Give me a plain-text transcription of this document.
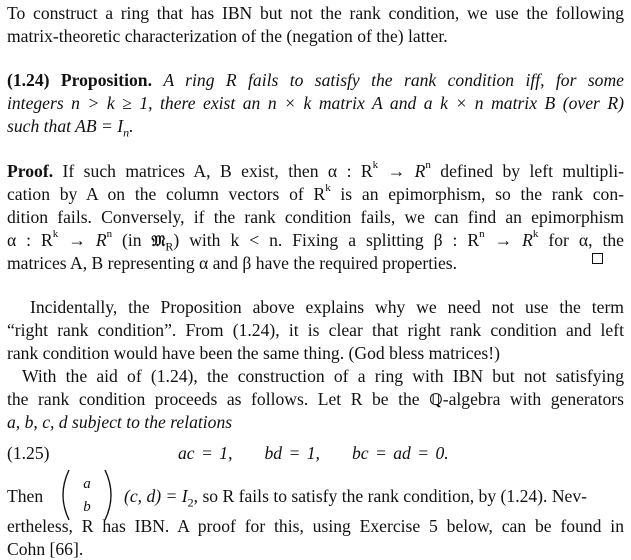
To construct a ring that has IBN but not the rank condition, we use the following
matrix-theoretic characterization of the (negation of the) latter.
(1.24) Proposition. A ring R fails to satisfy the rank condition iff, for some
integers n > k ≥ 1, there exist an n × k matrix A and a k × n matrix B (over R)
such that AB = $I_n$.
Proof. If such matrices A, B exist, then α : $R^k \to R^n$ defined by left multipli-
cation by A on the column vectors of $R^k$ is an epimorphism, so the rank con-
dition fails. Conversely, if the rank condition fails, we can find an epimorphism
α : $R^k \to R^n$ (in 𝔐$_R$) with k < n. Fixing a splitting β : $R^n \to R^k$ for α, the
matrices A, B representing α and β have the required properties.
Incidentally, the Proposition above explains why we need not use the term
“right rank condition”. From (1.24), it is clear that right rank condition and left
rank condition would have been the same thing. (God bless matrices!)
With the aid of (1.24), the construction of a ring with IBN but not satisfying
the rank condition proceeds as follows. Let R be the ℚ-algebra with generators
a, b, c, d subject to the relations
(1.25)	ac = 1, bd = 1, bc = ad = 0.
Then
a
b
(c, $d) = I_2$, so R fails to satisfy the rank condition, by (1.24). Nev-
ertheless, R has IBN. A proof for this, using Exercise 5 below, can be found in
Cohn [66].
